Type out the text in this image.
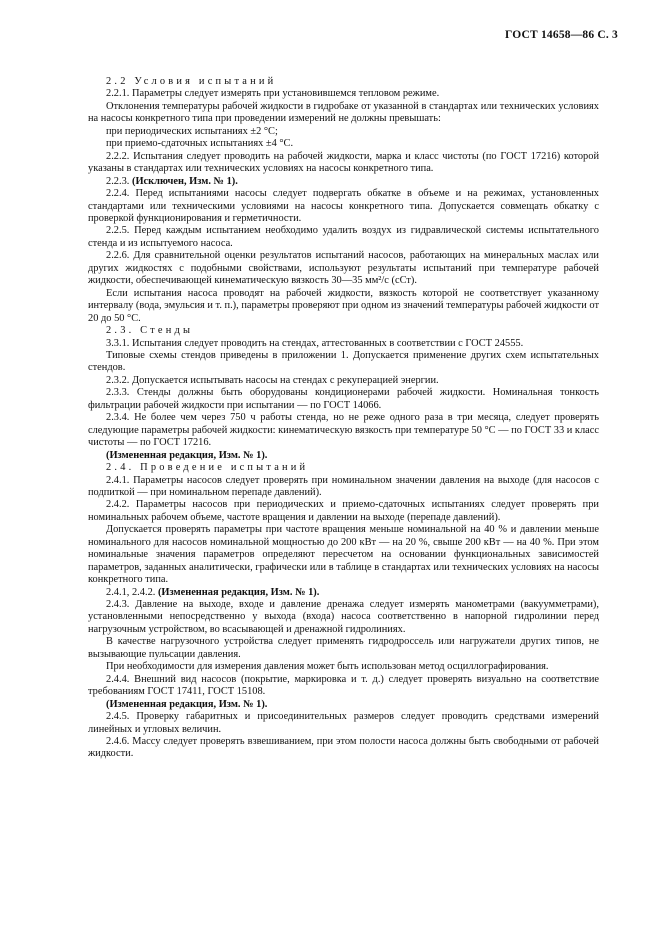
ГОСТ 14658—86 С. 3

2.2 Условия испытаний

2.2.1. Параметры следует измерять при установившемся тепловом режиме.

Отклонения температуры рабочей жидкости в гидробаке от указанной в стандартах или технических условиях на насосы конкретного типа при проведении измерений не должны превышать:

при периодических испытаниях ±2 °С;

при приемо-сдаточных испытаниях ±4 °С.

2.2.2. Испытания следует проводить на рабочей жидкости, марка и класс чистоты (по ГОСТ 17216) которой указаны в стандартах или технических условиях на насосы конкретного типа.

2.2.3. (Исключен, Изм. № 1).

2.2.4. Перед испытаниями насосы следует подвергать обкатке в объеме и на режимах, установленных стандартами или техническими условиями на насосы конкретного типа. Допускается совмещать обкатку с проверкой функционирования и герметичности.

2.2.5. Перед каждым испытанием необходимо удалить воздух из гидравлической системы испытательного стенда и из испытуемого насоса.

2.2.6. Для сравнительной оценки результатов испытаний насосов, работающих на минеральных маслах или других жидкостях с подобными свойствами, используют результаты испытаний при температуре рабочей жидкости, обеспечивающей кинематическую вязкость 30—35 мм²/с (сСт).

Если испытания насоса проводят на рабочей жидкости, вязкость которой не соответствует указанному интервалу (вода, эмульсия и т. п.), параметры проверяют при одном из значений температуры рабочей жидкости от 20 до 50 °С.

2.3. Стенды

3.3.1. Испытания следует проводить на стендах, аттестованных в соответствии с ГОСТ 24555.

Типовые схемы стендов приведены в приложении 1. Допускается применение других схем испытательных стендов.

2.3.2. Допускается испытывать насосы на стендах с рекуперацией энергии.

2.3.3. Стенды должны быть оборудованы кондиционерами рабочей жидкости. Номинальная тонкость фильтрации рабочей жидкости при испытании — по ГОСТ 14066.

2.3.4. Не более чем через 750 ч работы стенда, но не реже одного раза в три месяца, следует проверять следующие параметры рабочей жидкости: кинематическую вязкость при температуре 50 °С — по ГОСТ 33 и класс чистоты — по ГОСТ 17216.

(Измененная редакция, Изм. № 1).

2.4. Проведение испытаний

2.4.1. Параметры насосов следует проверять при номинальном значении давления на выходе (для насосов с подпиткой — при номинальном перепаде давлений).

2.4.2. Параметры насосов при периодических и приемо-сдаточных испытаниях следует проверять при номинальных рабочем объеме, частоте вращения и давлении на выходе (перепаде давлений).

Допускается проверять параметры при частоте вращения меньше номинальной на 40 % и давлении меньше номинального для насосов номинальной мощностью до 200 кВт — на 20 %, свыше 200 кВт — на 40 %. При этом номинальные значения параметров определяют пересчетом на основании функциональных зависимостей параметров, заданных аналитически, графически или в таблице в стандартах или технических условиях на насосы конкретного типа.

2.4.1, 2.4.2. (Измененная редакция, Изм. № 1).

2.4.3. Давление на выходе, входе и давление дренажа следует измерять манометрами (вакуумметрами), установленными непосредственно у выхода (входа) насоса соответственно в напорной гидролинии перед нагрузочным устройством, во всасывающей и дренажной гидролиниях.

В качестве нагрузочного устройства следует применять гидродроссель или нагружатели других типов, не вызывающие пульсации давления.

При необходимости для измерения давления может быть использован метод осциллографирования.

2.4.4. Внешний вид насосов (покрытие, маркировка и т. д.) следует проверять визуально на соответствие требованиям ГОСТ 17411, ГОСТ 15108.

(Измененная редакция, Изм. № 1).

2.4.5. Проверку габаритных и присоединительных размеров следует проводить средствами измерений линейных и угловых величин.

2.4.6. Массу следует проверять взвешиванием, при этом полости насоса должны быть свободными от рабочей жидкости.
